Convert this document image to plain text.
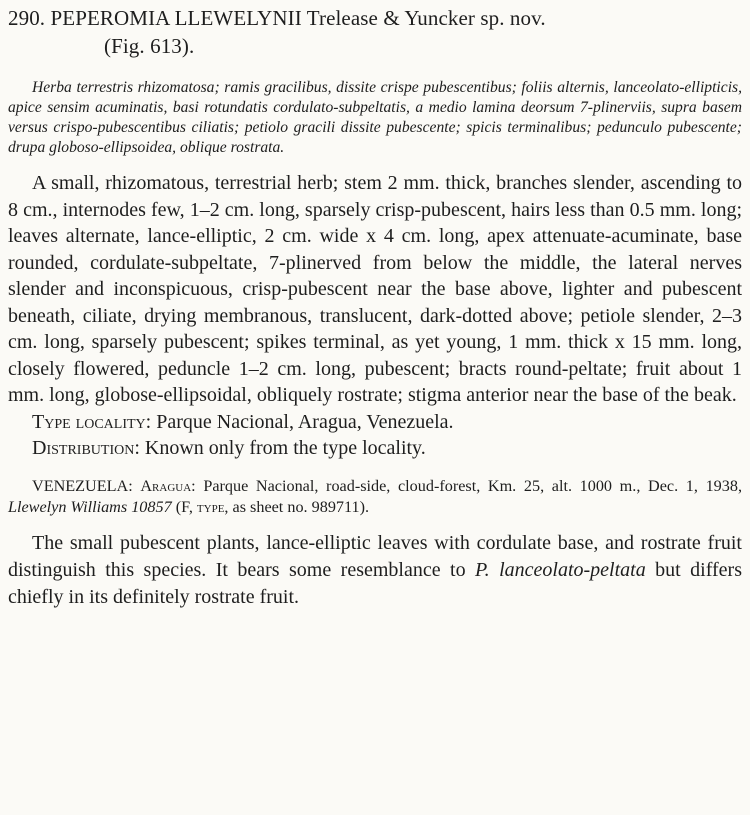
290. PEPEROMIA LLEWELYNII Trelease & Yuncker sp. nov.
(Fig. 613).

Herba terrestris rhizomatosa; ramis gracilibus, dissite crispe pubescentibus; foliis alternis, lanceolato-ellipticis, apice sensim acuminatis, basi rotundatis cordulato-subpeltatis, a medio lamina deorsum 7-plinerviis, supra basem versus crispo-pubescentibus ciliatis; petiolo gracili dissite pubescente; spicis terminalibus; pedunculo pubescente; drupa globoso-ellipsoidea, oblique rostrata.

A small, rhizomatous, terrestrial herb; stem 2 mm. thick, branches slender, ascending to 8 cm., internodes few, 1–2 cm. long, sparsely crisp-pubescent, hairs less than 0.5 mm. long; leaves alternate, lance-elliptic, 2 cm. wide x 4 cm. long, apex attenuate-acuminate, base rounded, cordulate-subpeltate, 7-plinerved from below the middle, the lateral nerves slender and inconspicuous, crisp-pubescent near the base above, lighter and pubescent beneath, ciliate, drying membranous, translucent, dark-dotted above; petiole slender, 2–3 cm. long, sparsely pubescent; spikes terminal, as yet young, 1 mm. thick x 15 mm. long, closely flowered, peduncle 1–2 cm. long, pubescent; bracts round-peltate; fruit about 1 mm. long, globose-ellipsoidal, obliquely rostrate; stigma anterior near the base of the beak.

Type locality: Parque Nacional, Aragua, Venezuela.

Distribution: Known only from the type locality.

VENEZUELA: Aragua: Parque Nacional, road-side, cloud-forest, Km. 25, alt. 1000 m., Dec. 1, 1938, Llewelyn Williams 10857 (F, type, as sheet no. 989711).

The small pubescent plants, lance-elliptic leaves with cordulate base, and rostrate fruit distinguish this species. It bears some resemblance to P. lanceolato-peltata but differs chiefly in its definitely rostrate fruit.
